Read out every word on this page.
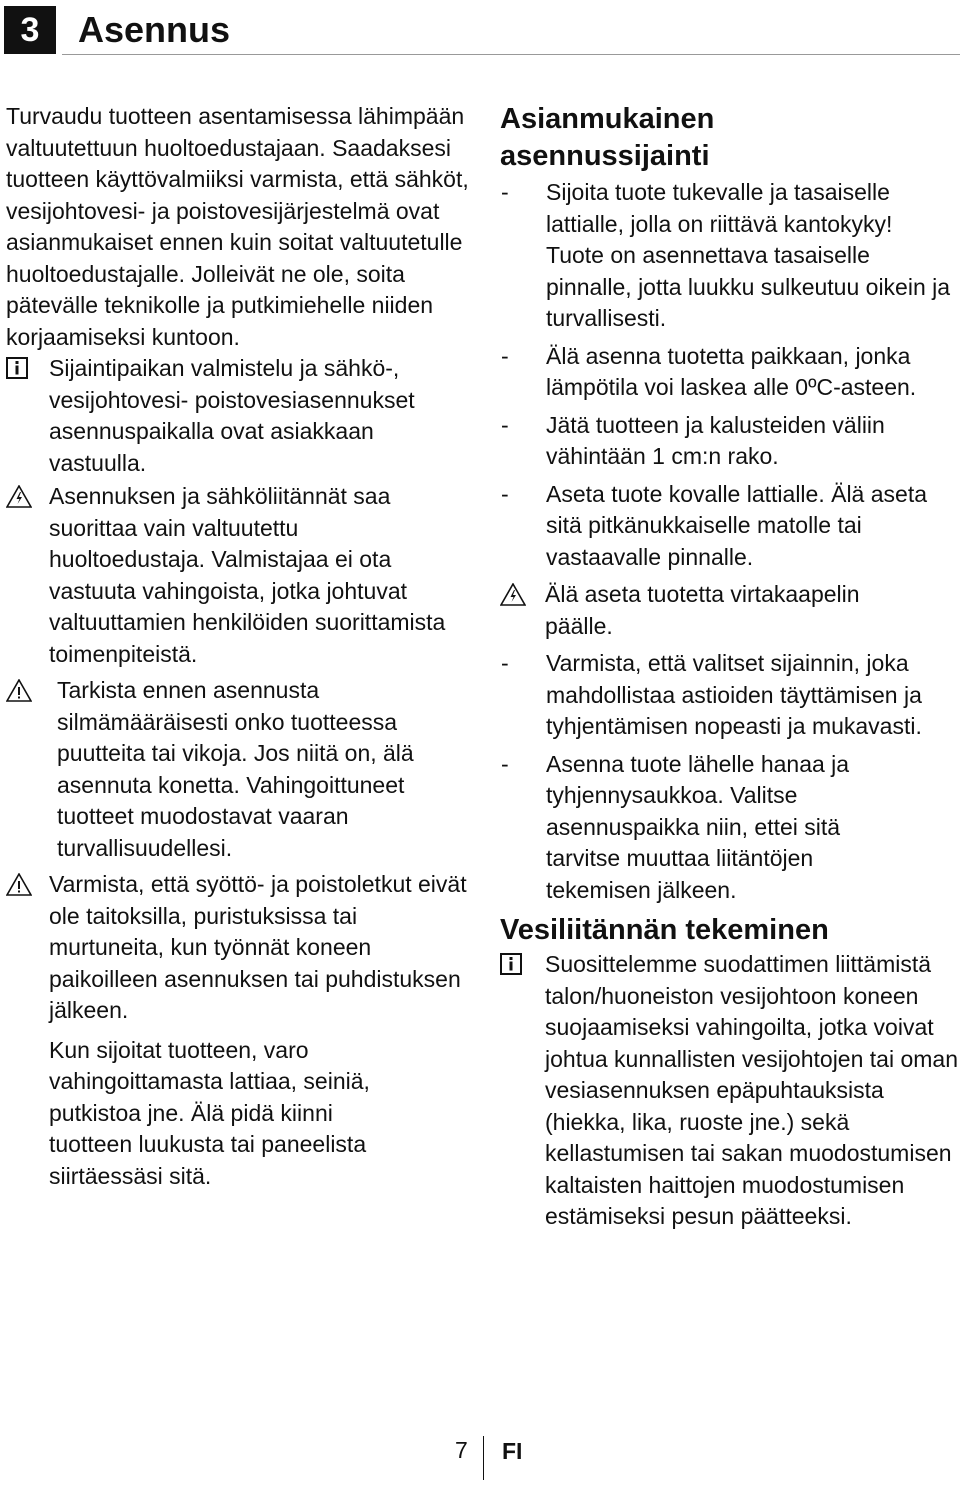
3 Asennus

Turvaudu tuotteen asentamisessa lähimpään valtuutettuun huoltoedustajaan. Saadaksesi tuotteen käyttövalmiiksi varmista, että sähköt, vesijohtovesi- ja poistovesijärjestelmä ovat asianmukaiset ennen kuin soitat valtuutetulle huoltoedustajalle. Jolleivät ne ole, soita pätevälle teknikolle ja putkimiehelle niiden korjaamiseksi kuntoon.

Sijaintipaikan valmistelu ja sähkö-, vesijohtovesi- poistovesiasennukset asennuspaikalla ovat asiakkaan vastuulla.

Asennuksen ja sähköliitännät saa suorittaa vain valtuutettu huoltoedustaja. Valmistajaa ei ota vastuuta vahingoista, jotka johtuvat valtuuttamien henkilöiden suorittamista toimenpiteistä.

Tarkista ennen asennusta silmämääräisesti onko tuotteessa puutteita tai vikoja. Jos niitä on, älä asennuta konetta. Vahingoittuneet tuotteet muodostavat vaaran turvallisuudellesi.

Varmista, että syöttö- ja poistoletkut eivät ole taitoksilla, puristuksissa tai murtuneita, kun työnnät koneen paikoilleen asennuksen tai puhdistuksen jälkeen.

Kun sijoitat tuotteen, varo vahingoittamasta lattiaa, seiniä, putkistoa jne. Älä pidä kiinni tuotteen luukusta tai paneelista siirtäessäsi sitä.

Asianmukainen asennussijainti
-	Sijoita tuote tukevalle ja tasaiselle lattialle, jolla on riittävä kantokyky! Tuote on asennettava tasaiselle pinnalle, jotta luukku sulkeutuu oikein ja turvallisesti.

-	Älä asenna tuotetta paikkaan, jonka lämpötila voi laskea alle 0ºC-asteen.

-	Jätä tuotteen ja kalusteiden väliin vähintään 1 cm:n rako.

-	Aseta tuote kovalle lattialle. Älä aseta sitä pitkänukkaiselle matolle tai vastaavalle pinnalle.

Älä aseta tuotetta virtakaapelin päälle.

-	Varmista, että valitset sijainnin, joka mahdollistaa astioiden täyttämisen ja tyhjentämisen nopeasti ja mukavasti.

-	Asenna tuote lähelle hanaa ja tyhjennysaukkoa. Valitse asennuspaikka niin, ettei sitä tarvitse muuttaa liitäntöjen tekemisen jälkeen.

Vesiliitännän tekeminen

Suosittelemme suodattimen liittämistä talon/huoneiston vesijohtoon koneen suojaamiseksi vahingoilta, jotka voivat johtua kunnallisten vesijohtojen tai oman vesiasennuksen epäpuhtauksista (hiekka, lika, ruoste jne.) sekä kellastumisen tai sakan muodostumisen kaltaisten haittojen muodostumisen estämiseksi pesun päätteeksi.

7 FI
